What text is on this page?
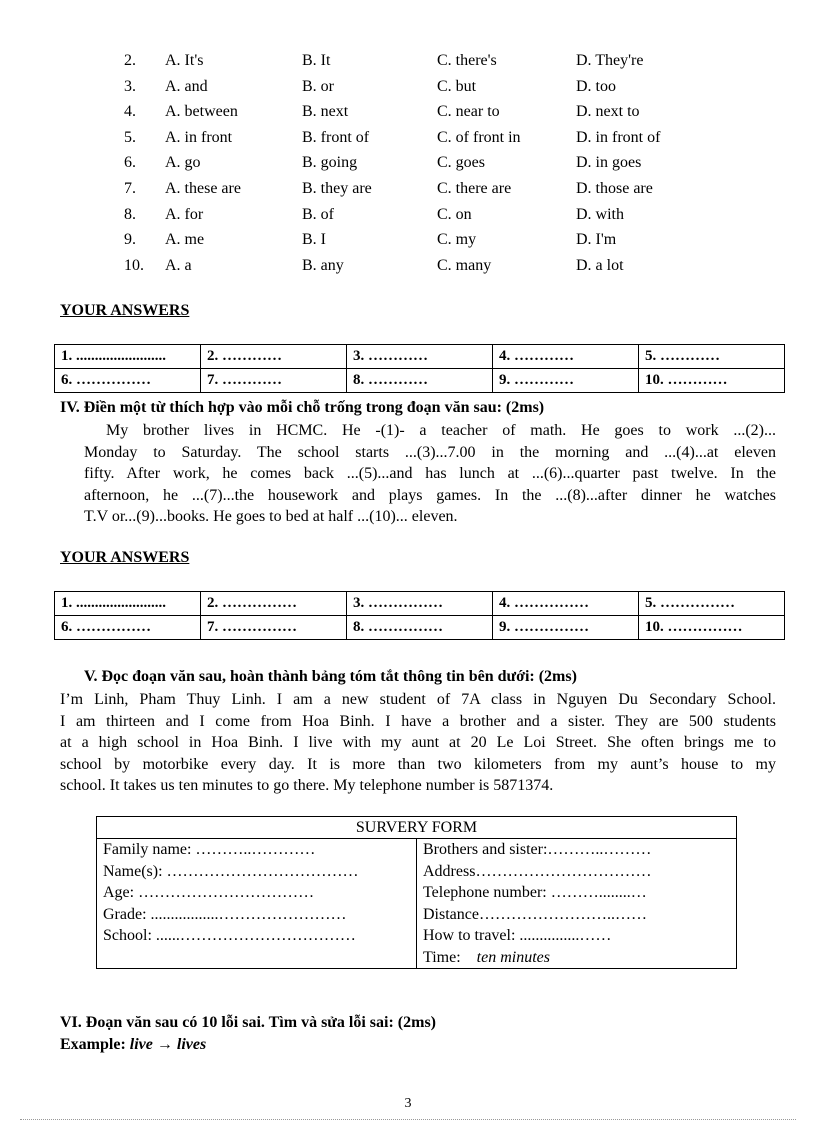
2. A. It's	B. It	C. there's	D. They're
3. A. and	B. or	C. but	D. too
4. A. between	B. next	C. near to	D. next to
5. A. in front	B. front of	C. of front in	D. in front of
6. A. go	B. going	C. goes	D. in goes
7. A. these are	B. they are	C. there are	D. those are
8. A. for	B. of	C. on	D. with
9. A. me	B. I	C. my	D. I'm
10. A. a	B. any	C. many	D. a lot
YOUR ANSWERS
1. ........................	2. …………	3. …………	4. …………	5. …………
6. ……………	7. …………	8. …………	9. …………	10. …………
IV. Điền một từ thích hợp vào mỗi chỗ trống trong đoạn văn sau: (2ms)
My brother lives in HCMC. He -(1)- a teacher of math. He goes to work ...(2)...
Monday to Saturday. The school starts ...(3)...7.00 in the morning and ...(4)...at eleven
fifty. After work, he comes back ...(5)...and has lunch at ...(6)...quarter past twelve. In the
afternoon, he ...(7)...the housework and plays games. In the ...(8)...after dinner he watches
T.V or...(9)...books. He goes to bed at half ...(10)... eleven.
YOUR ANSWERS
1. ........................	2. ……………	3. ……………	4. ……………	5. ……………
6. ……………	7. ……………	8. ……………	9. ……………	10. ……………
V. Đọc đoạn văn sau, hoàn thành bảng tóm tắt thông tin bên dưới: (2ms)
I’m Linh, Pham Thuy Linh. I am a new student of 7A class in Nguyen Du Secondary School.
I am thirteen and I come from Hoa Binh. I have a brother and a sister. They are 500 students
at a high school in Hoa Binh. I live with my aunt at 20 Le Loi Street. She often brings me to
school by motorbike every day. It is more than two kilometers from my aunt’s house to my
school. It takes us ten minutes to go there. My telephone number is 5871374.
SURVERY FORM

Family name: ………..…………
Name(s): ………………………………
Age: ……………………………
Grade: .................……………………
School: ......……………………………

Brothers and sister:………..………
Address……………………………
Telephone number: ………........…
Distance……………………..……
How to travel: ...............……
Time: ten minutes
VI. Đoạn văn sau có 10 lỗi sai. Tìm và sửa lỗi sai: (2ms)
Example: live → lives
3
